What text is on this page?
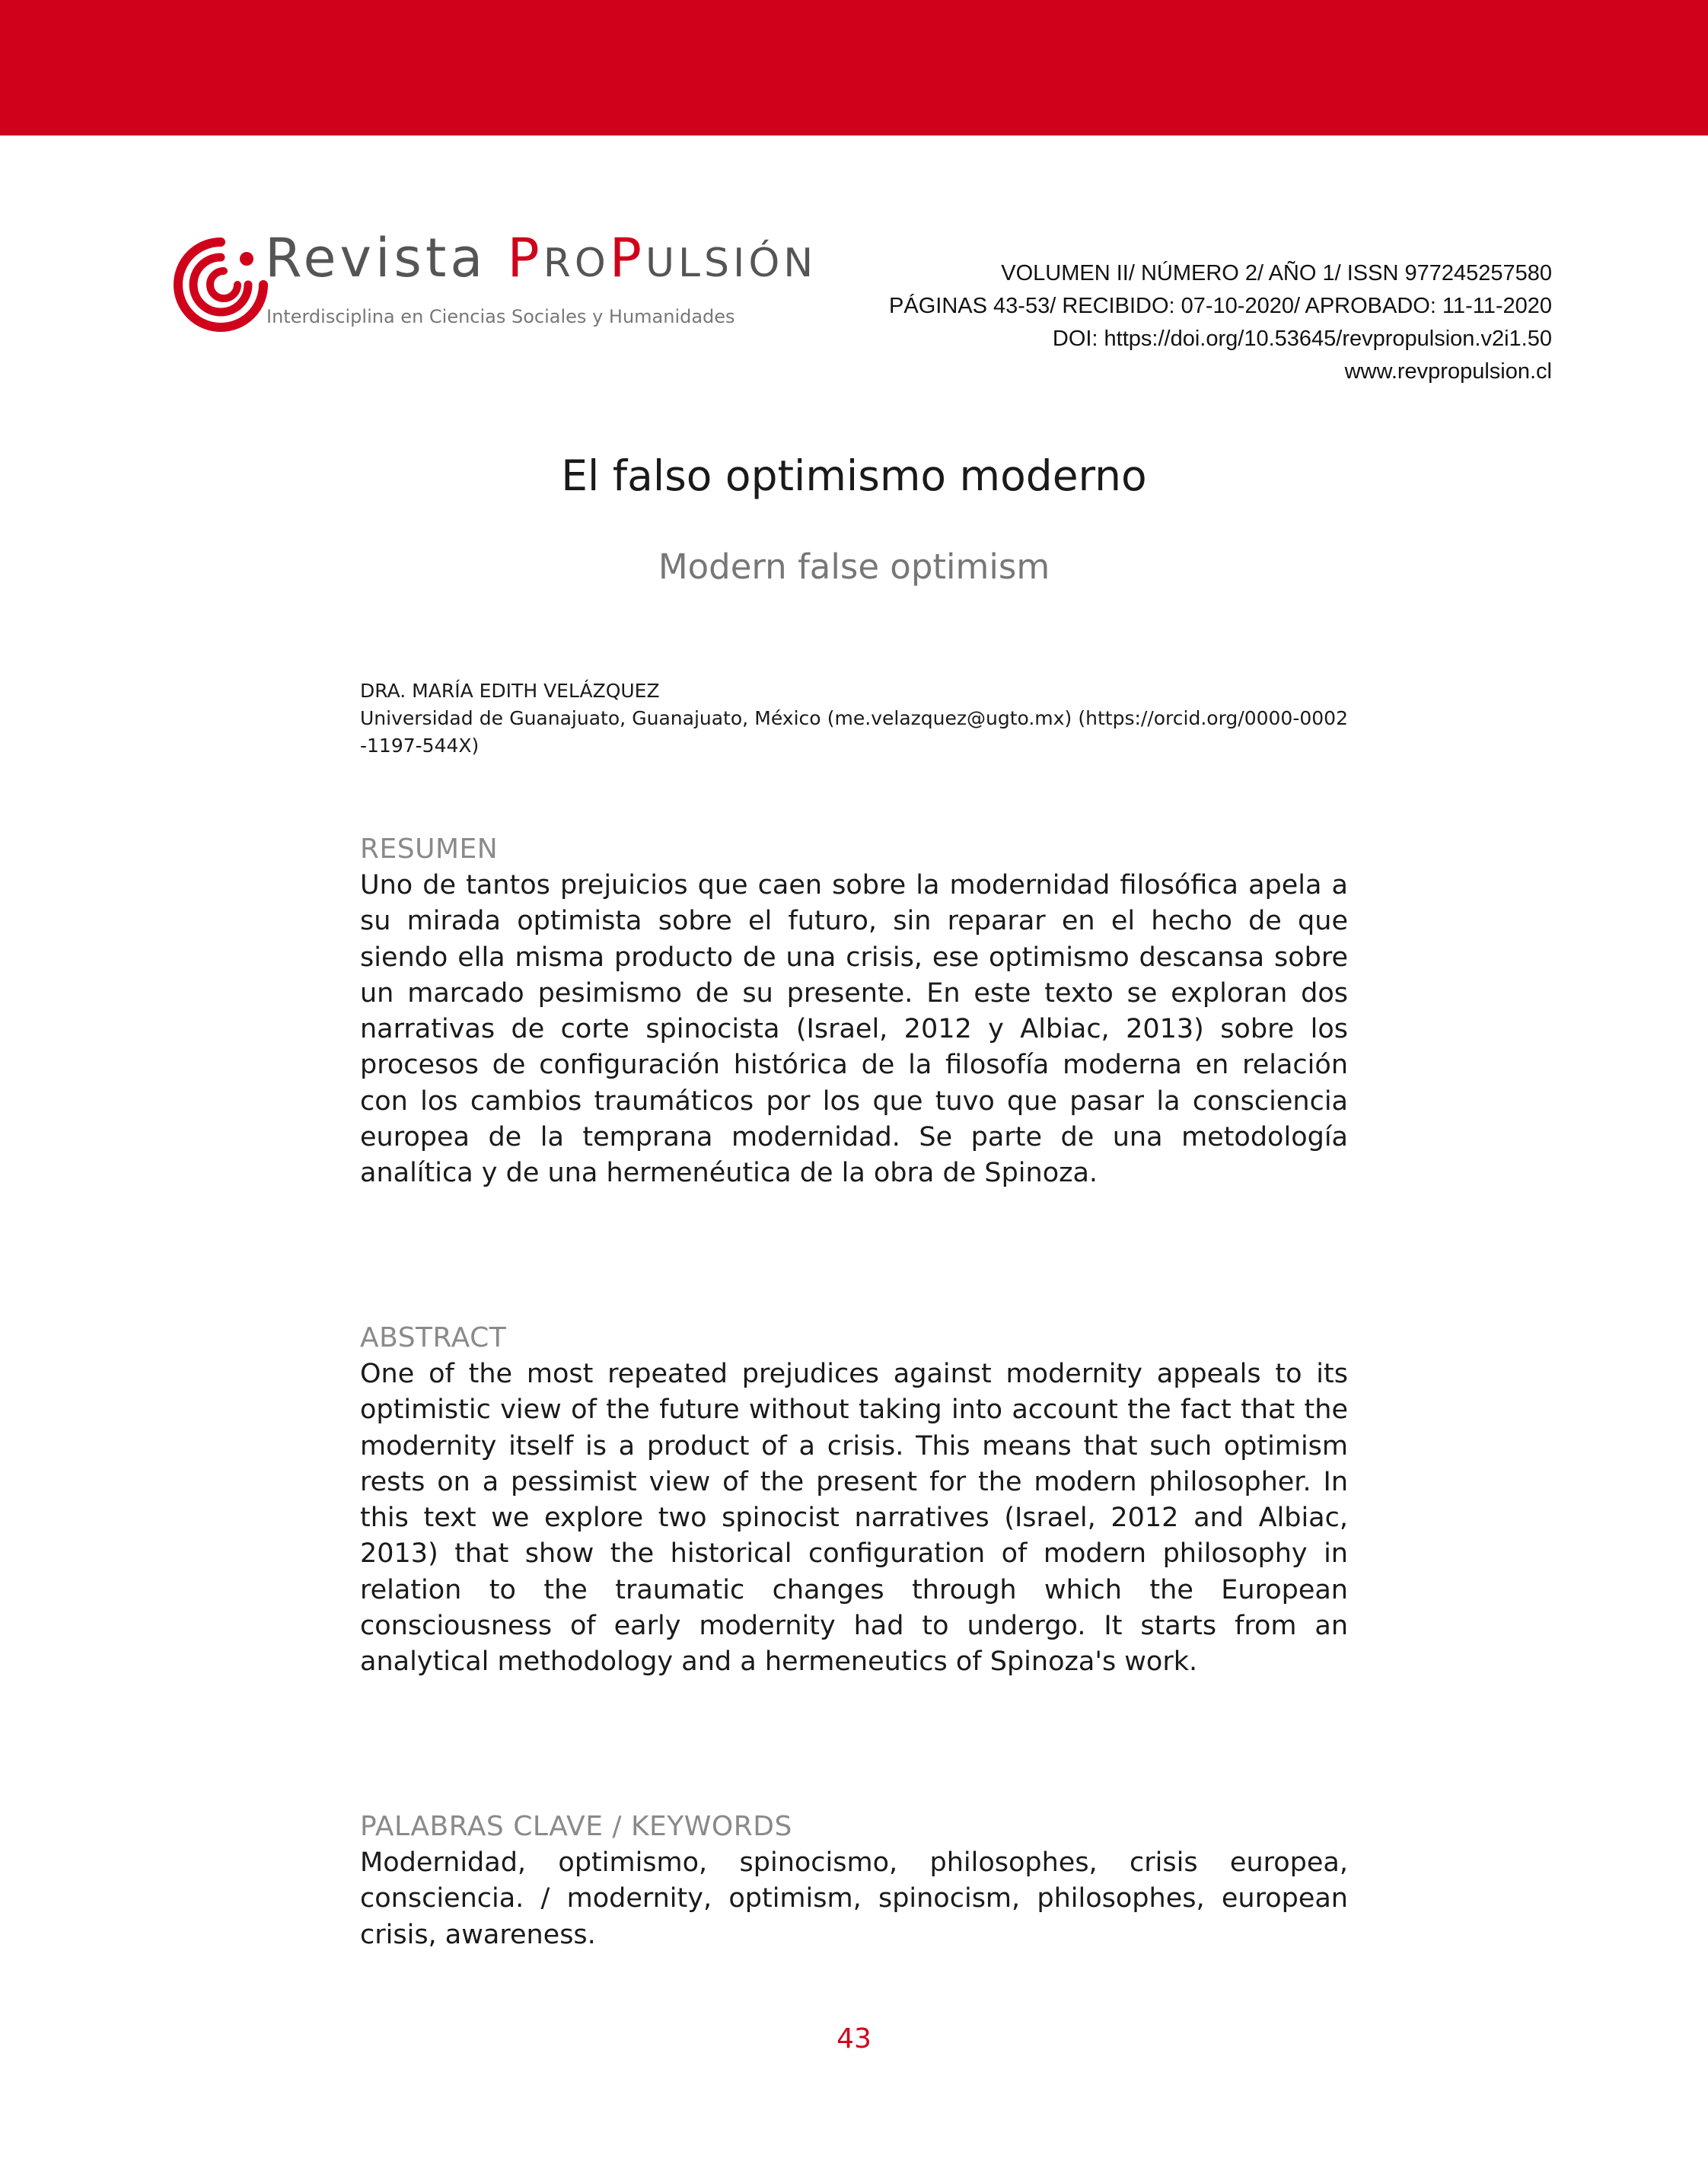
Revista PROPULSIÓN
Interdisciplina en Ciencias Sociales y Humanidades
VOLUMEN II/ NÚMERO 2/ AÑO 1/ ISSN 977245257580
PÁGINAS 43-53/ RECIBIDO: 07-10-2020/ APROBADO: 11-11-2020
DOI: https://doi.org/10.53645/revpropulsion.v2i1.50
www.revpropulsion.cl
El falso optimismo moderno
Modern false optimism
DRA. MARÍA EDITH VELÁZQUEZ
Universidad de Guanajuato, Guanajuato, México (me.velazquez@ugto.mx) (https://orcid.org/0000-0002-1197-544X)
RESUMEN
Uno de tantos prejuicios que caen sobre la modernidad filosófica apela a su mirada optimista sobre el futuro, sin reparar en el hecho de que siendo ella misma producto de una crisis, ese optimismo descansa sobre un marcado pesimismo de su presente. En este texto se exploran dos narrativas de corte spinocista (Israel, 2012 y Albiac, 2013) sobre los procesos de configuración histórica de la filosofía moderna en relación con los cambios traumáticos por los que tuvo que pasar la consciencia europea de la temprana modernidad. Se parte de una metodología analítica y de una hermenéutica de la obra de Spinoza.
ABSTRACT
One of the most repeated prejudices against modernity appeals to its optimistic view of the future without taking into account the fact that the modernity itself is a product of a crisis. This means that such optimism rests on a pessimist view of the present for the modern philosopher. In this text we explore two spinocist narratives (Israel, 2012 and Albiac, 2013) that show the historical configuration of modern philosophy in relation to the traumatic changes through which the European consciousness of early modernity had to undergo. It starts from an analytical methodology and a hermeneutics of Spinoza's work.
PALABRAS CLAVE / KEYWORDS
Modernidad, optimismo, spinocismo, philosophes, crisis europea, consciencia. / modernity, optimism, spinocism, philosophes, european crisis, awareness.
43
